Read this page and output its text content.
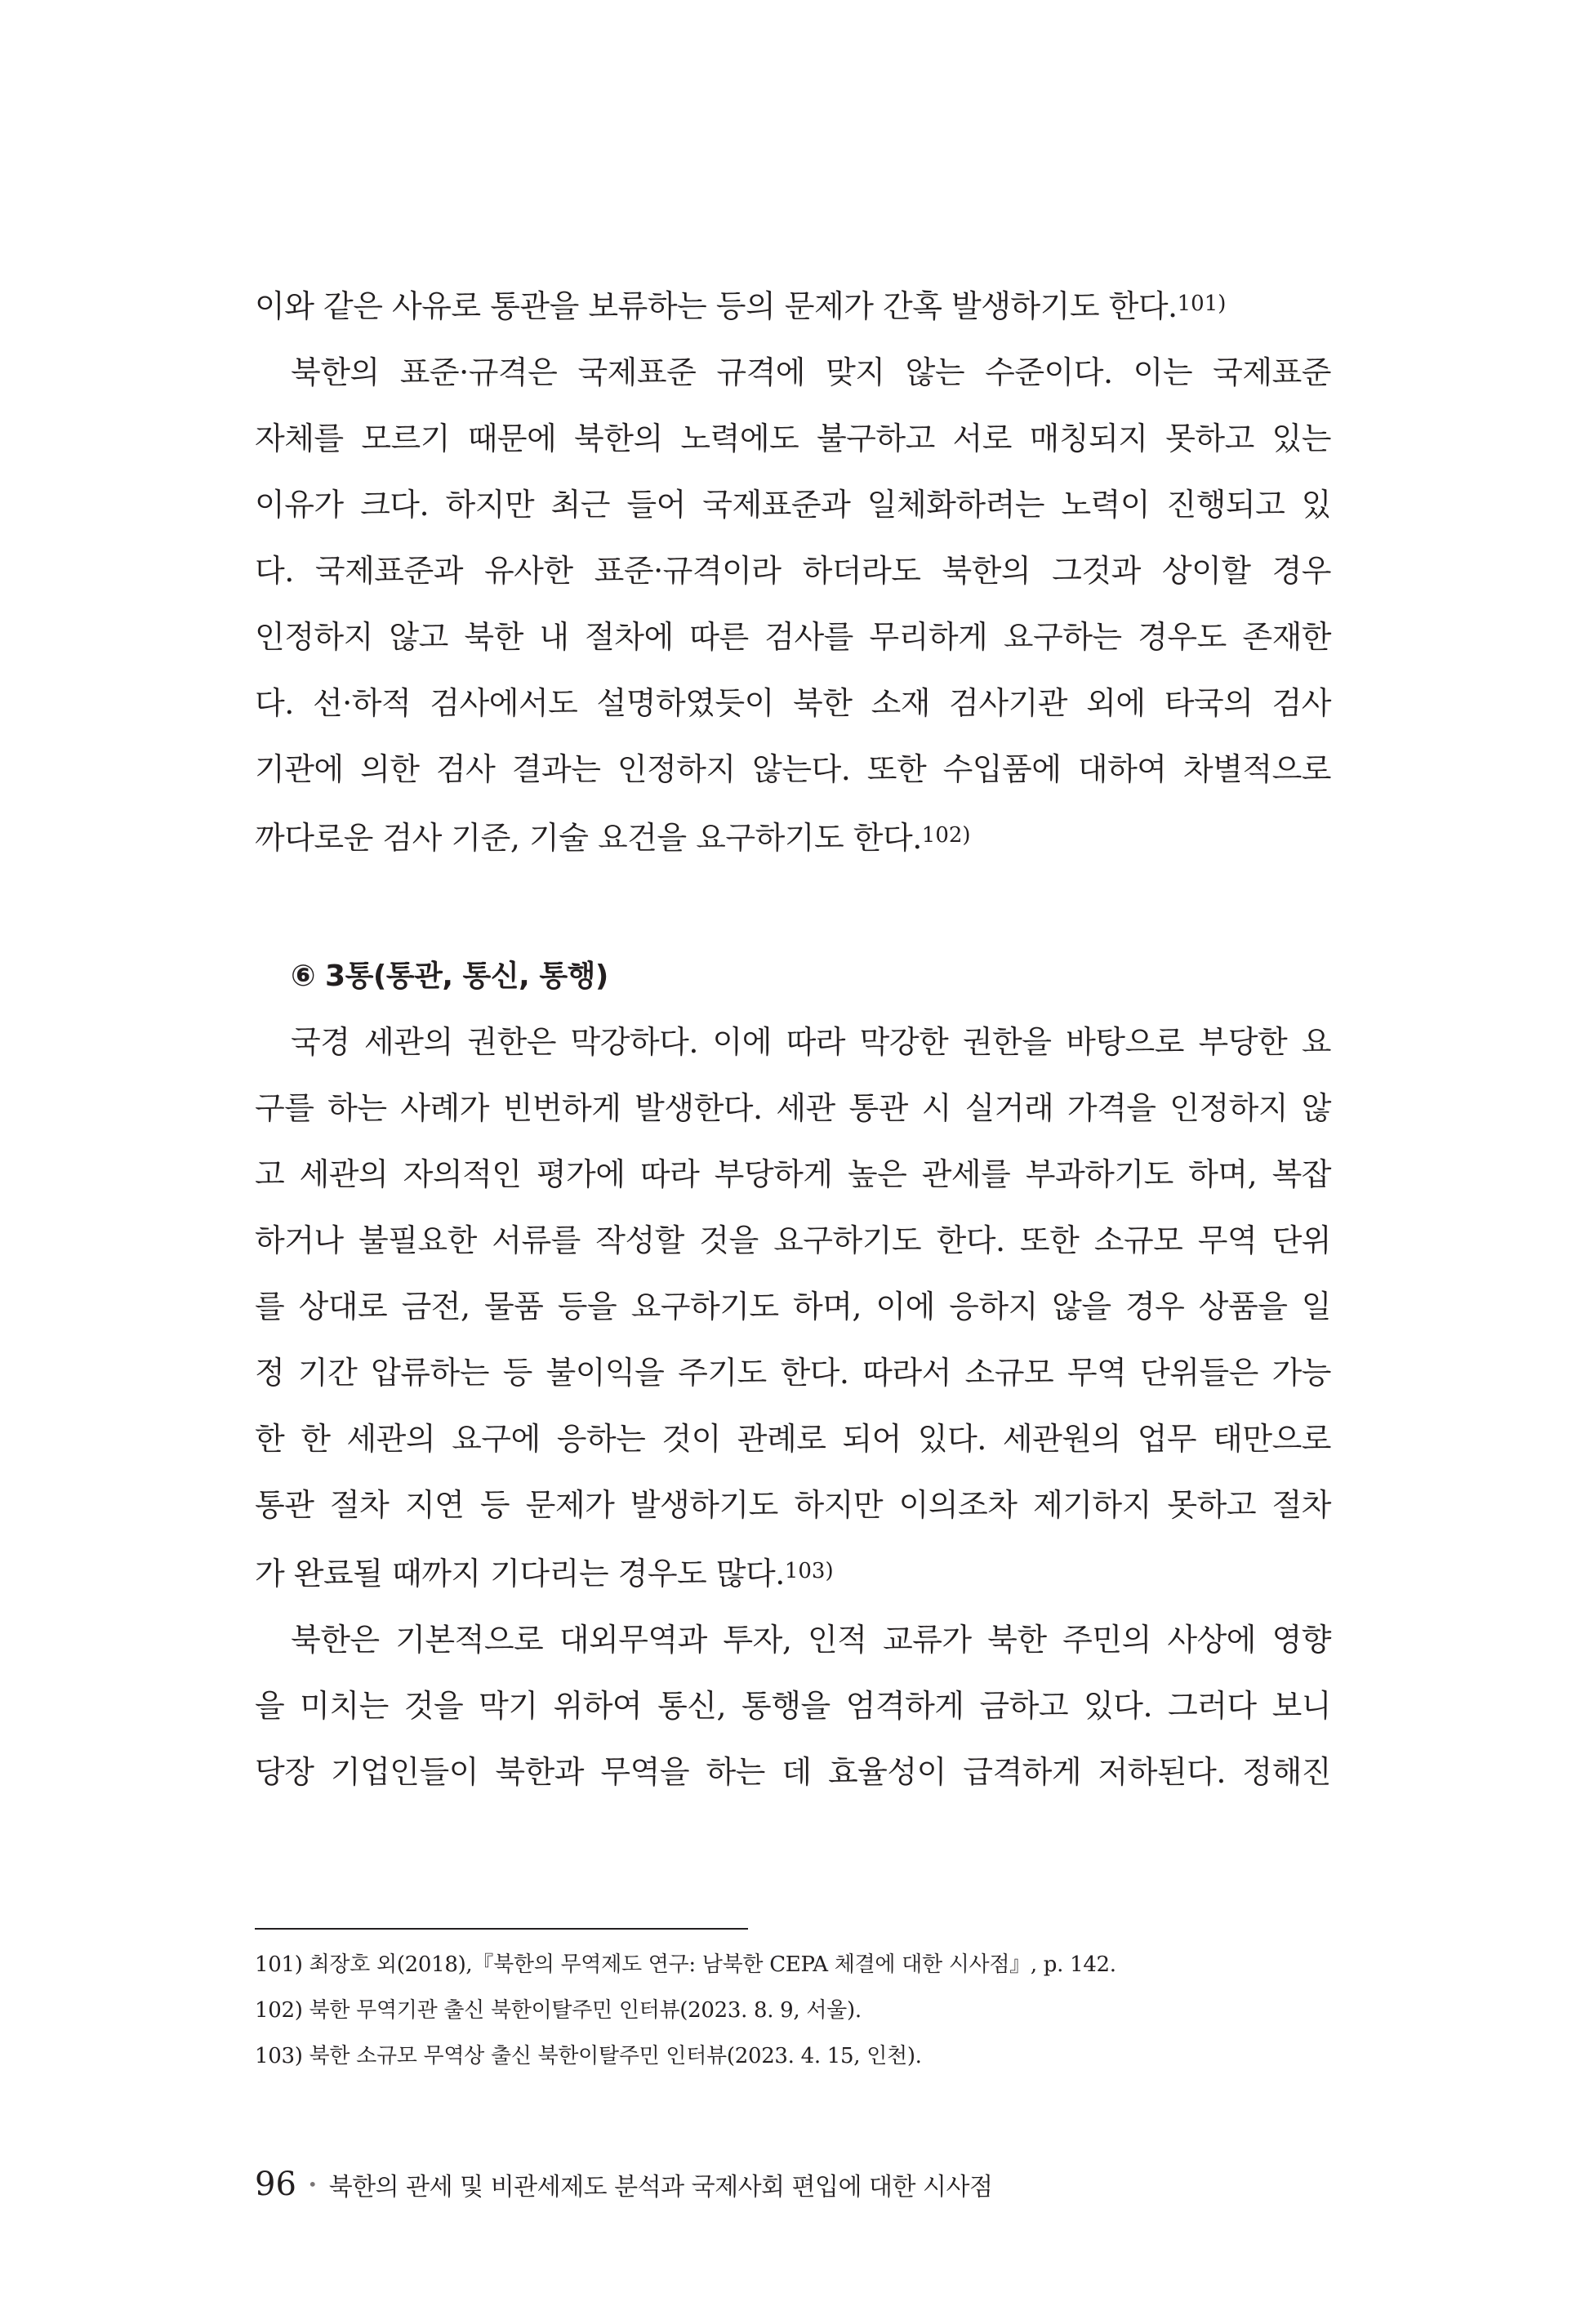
이와 같은 사유로 통관을 보류하는 등의 문제가 간혹 발생하기도 한다.$^{101)}$

북한의 표준·규격은 국제표준 규격에 맞지 않는 수준이다. 이는 국제표준

자체를 모르기 때문에 북한의 노력에도 불구하고 서로 매칭되지 못하고 있는

이유가 크다. 하지만 최근 들어 국제표준과 일체화하려는 노력이 진행되고 있

다. 국제표준과 유사한 표준·규격이라 하더라도 북한의 그것과 상이할 경우

인정하지 않고 북한 내 절차에 따른 검사를 무리하게 요구하는 경우도 존재한

다. 선·하적 검사에서도 설명하였듯이 북한 소재 검사기관 외에 타국의 검사

기관에 의한 검사 결과는 인정하지 않는다. 또한 수입품에 대하여 차별적으로

까다로운 검사 기준, 기술 요건을 요구하기도 한다.$^{102)}$

⑥ 3통(통관, 통신, 통행)

국경 세관의 권한은 막강하다. 이에 따라 막강한 권한을 바탕으로 부당한 요

구를 하는 사례가 빈번하게 발생한다. 세관 통관 시 실거래 가격을 인정하지 않

고 세관의 자의적인 평가에 따라 부당하게 높은 관세를 부과하기도 하며, 복잡

하거나 불필요한 서류를 작성할 것을 요구하기도 한다. 또한 소규모 무역 단위

를 상대로 금전, 물품 등을 요구하기도 하며, 이에 응하지 않을 경우 상품을 일

정 기간 압류하는 등 불이익을 주기도 한다. 따라서 소규모 무역 단위들은 가능

한 한 세관의 요구에 응하는 것이 관례로 되어 있다. 세관원의 업무 태만으로

통관 절차 지연 등 문제가 발생하기도 하지만 이의조차 제기하지 못하고 절차

가 완료될 때까지 기다리는 경우도 많다.$^{103)}$

북한은 기본적으로 대외무역과 투자, 인적 교류가 북한 주민의 사상에 영향

을 미치는 것을 막기 위하여 통신, 통행을 엄격하게 금하고 있다. 그러다 보니

당장 기업인들이 북한과 무역을 하는 데 효율성이 급격하게 저하된다. 정해진

101) 최장호 외(2018),『북한의 무역제도 연구: 남북한 CEPA 체결에 대한 시사점』, p. 142.

102) 북한 무역기관 출신 북한이탈주민 인터뷰(2023. 8. 9, 서울).

103) 북한 소규모 무역상 출신 북한이탈주민 인터뷰(2023. 4. 15, 인천).

96 • 북한의 관세 및 비관세제도 분석과 국제사회 편입에 대한 시사점
